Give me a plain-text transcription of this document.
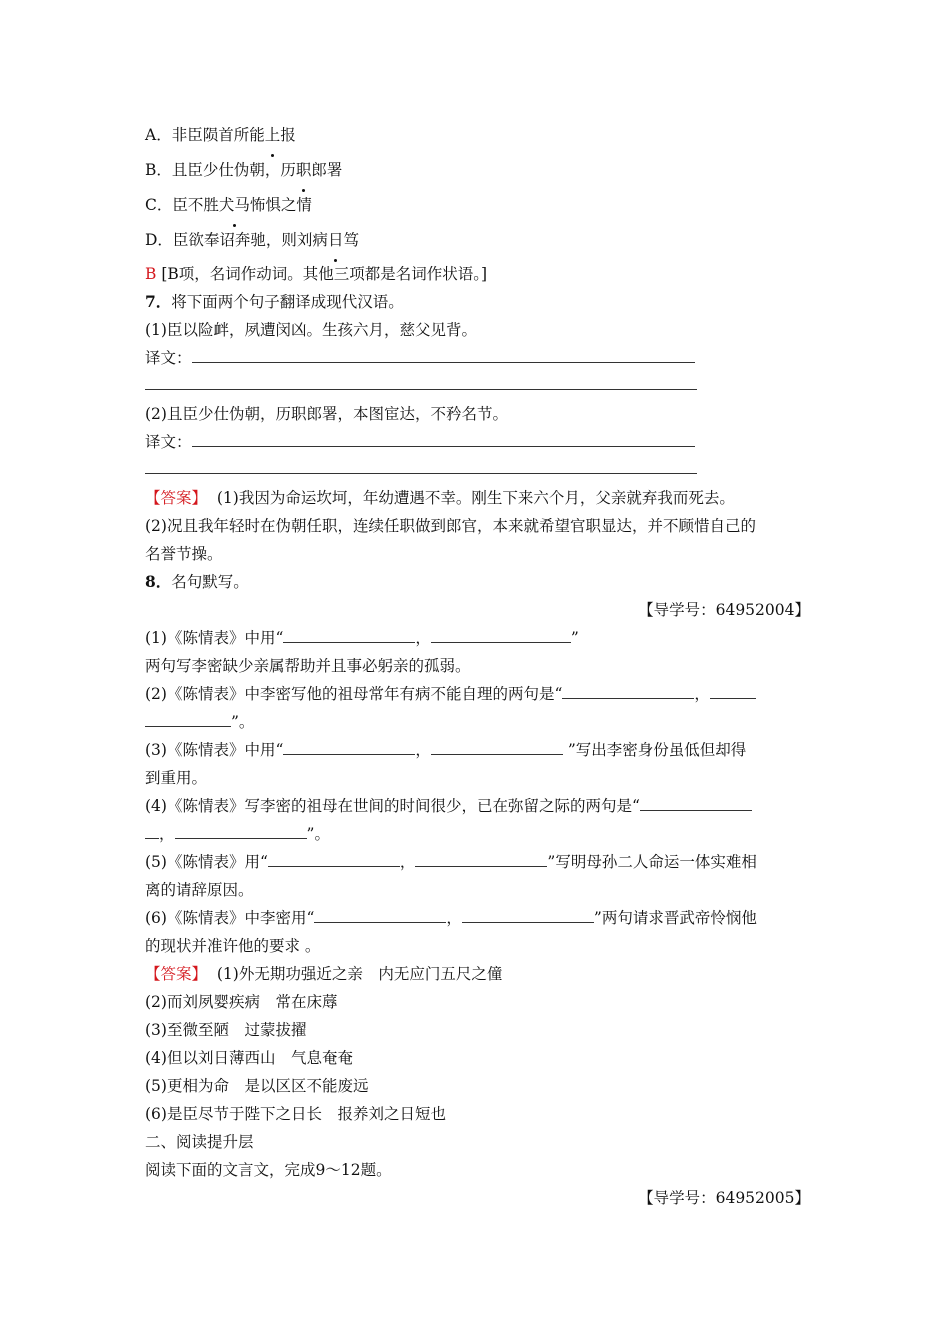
A．非臣陨首所能上报
B．且臣少仕伪朝，历职郎署
C．臣不胜犬马怖惧之情
D．臣欲奉诏奔驰，则刘病日笃
B [B项，名词作动词。其他三项都是名词作状语。]
7．将下面两个句子翻译成现代汉语。
(1)臣以险衅，夙遭闵凶。生孩六月，慈父见背。
译文：
(2)且臣少仕伪朝，历职郎署，本图宦达，不矜名节。
译文：
【答案】 (1)我因为命运坎坷，年幼遭遇不幸。刚生下来六个月，父亲就弃我而死去。
(2)况且我年轻时在伪朝任职，连续任职做到郎官，本来就希望官职显达，并不顾惜自己的
名誉节操。
8．名句默写。
【导学号：64952004】
(1)《陈情表》中用“	，	”
两句写李密缺少亲属帮助并且事必躬亲的孤弱。
(2)《陈情表》中李密写他的祖母常年有病不能自理的两句是“	，
”。
(3)《陈情表》中用“	，	”写出李密身份虽低但却得
到重用。
(4)《陈情表》写李密的祖母在世间的时间很少，已在弥留之际的两句是“
，	”。
(5)《陈情表》用“	，	”写明母孙二人命运一体实难相
离的请辞原因。
(6)《陈情表》中李密用“	，	”两句请求晋武帝怜悯他
的现状并准许他的要求 。
【答案】 (1)外无期功强近之亲　内无应门五尺之僮
(2)而刘夙婴疾病　常在床蓐
(3)至微至陋　过蒙拔擢
(4)但以刘日薄西山　气息奄奄
(5)更相为命　是以区区不能废远
(6)是臣尽节于陛下之日长　报养刘之日短也
二、阅读提升层
阅读下面的文言文，完成9～12题。
【导学号：64952005】
